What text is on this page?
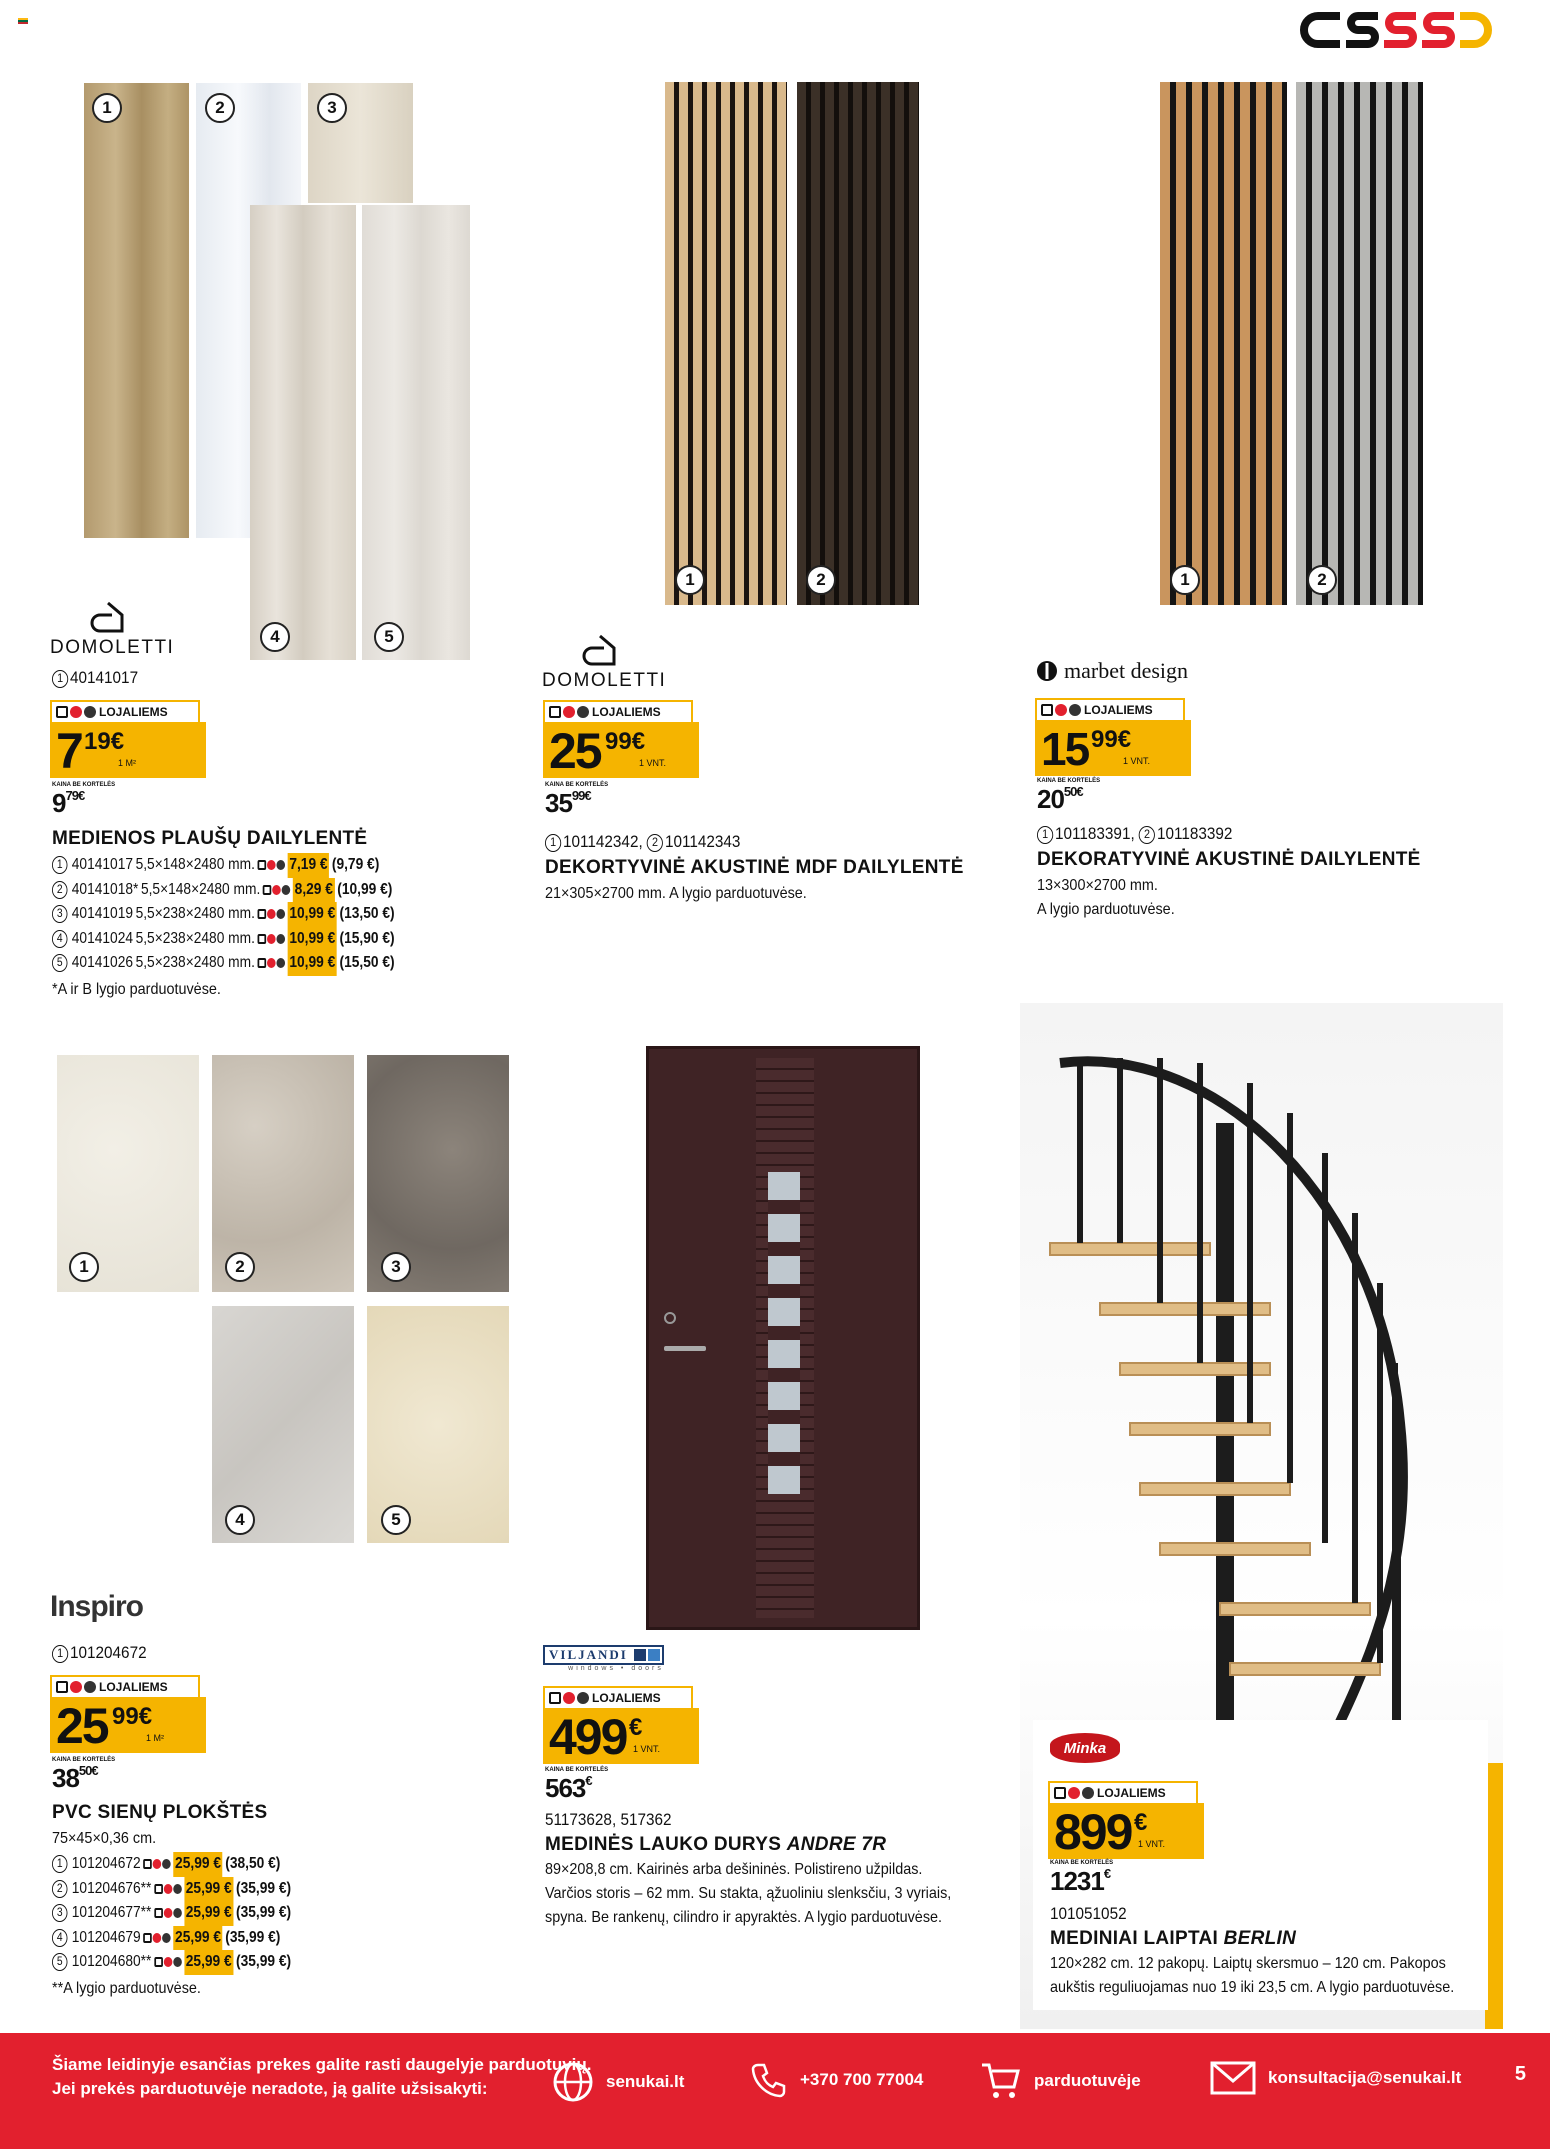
1	2	3
4	5
1	2	1	2
DOMOLETTI
1 40141017
LOJALIEMS
7 19€
1 M²
KAINA BE KORTELĖS
$9^{79€}$
MEDIENOS PLAUŠŲ DAILYLENTĖ
1 40141017 5,5×148×2480 mm. 7,19 € (9,79 €)
2 40141018* 5,5×148×2480 mm. 8,29 € (10,99 €)
3 40141019 5,5×238×2480 mm. 10,99 € (13,50 €)
4 40141024 5,5×238×2480 mm. 10,99 € (15,90 €)
5 40141026 5,5×238×2480 mm. 10,99 € (15,50 €)
*A ir B lygio parduotuvėse.
DOMOLETTI
LOJALIEMS
25 99€
1 VNT.
KAINA BE KORTELĖS
$35^{99€}$
1 101142342, 2 101142343
DEKORTYVINĖ AKUSTINĖ MDF DAILYLENTĖ
21×305×2700 mm. A lygio parduotuvėse.
marbet design
LOJALIEMS
15 99€
1 VNT.
KAINA BE KORTELĖS
$20^{50€}$
1 101183391, 2 101183392
DEKORATYVINĖ AKUSTINĖ DAILYLENTĖ
13×300×2700 mm.
A lygio parduotuvėse.
1	2	3
4	5
Inspiro
1 101204672
LOJALIEMS
25 99€
1 M²
KAINA BE KORTELĖS
$38^{50€}$
PVC SIENŲ PLOKŠTĖS
75×45×0,36 cm.
1 101204672 25,99 € (38,50 €)
2 101204676** 25,99 € (35,99 €)
3 101204677** 25,99 € (35,99 €)
4 101204679 25,99 € (35,99 €)
5 101204680** 25,99 € (35,99 €)
**A lygio parduotuvėse.
VILJANDI
windows • doors
LOJALIEMS
499 €
1 VNT.
KAINA BE KORTELĖS
563€
51173628, 517362
MEDINĖS LAUKO DURYS ANDRE 7R
89×208,8 cm. Kairinės arba dešininės. Polistireno užpildas. Varčios storis – 62 mm. Su stakta, ąžuoliniu slenksčiu, 3 vyriais, spyna. Be rankenų, cilindro ir apyraktės. A lygio parduotuvėse.
Minka
LOJALIEMS
899 €
1 VNT.
KAINA BE KORTELĖS
1231€
101051052
MEDINIAI LAIPTAI BERLIN
120×282 cm. 12 pakopų. Laiptų skersmuo – 120 cm. Pakopos aukštis reguliuojamas nuo 19 iki 23,5 cm. A lygio parduotuvėse.
Šiame leidinyje esančias prekes galite rasti daugelyje parduotuvių.
Jei prekės parduotuvėje neradote, ją galite užsisakyti:	senukai.lt	+370 700 77004	parduotuvėje	konsultacija@senukai.lt	5
